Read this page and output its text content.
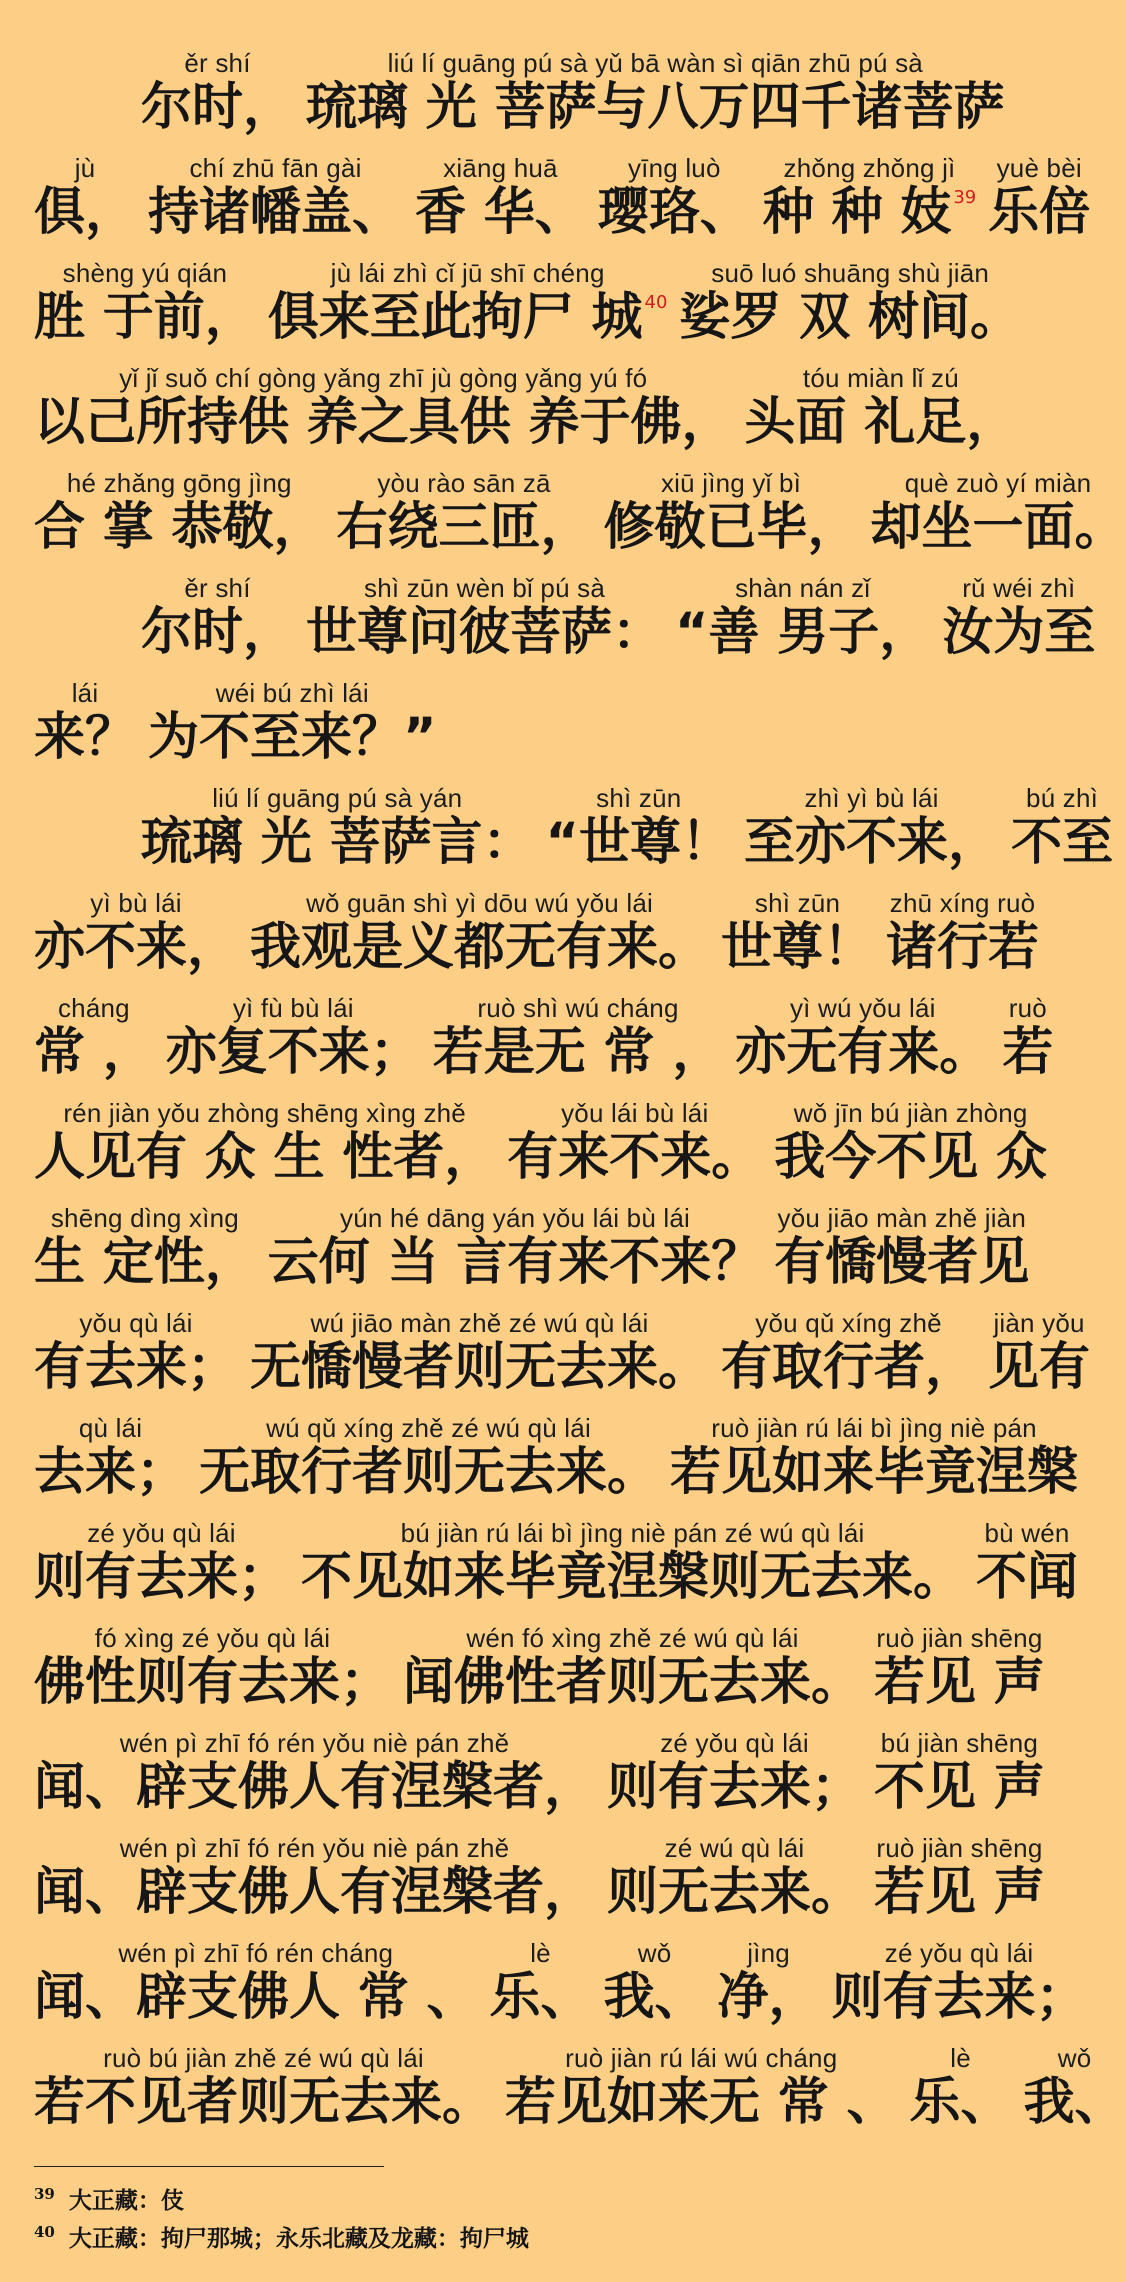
ěr shí
尔时，
liú lí guāng pú sà yǔ bā wàn sì qiān zhū pú sà
琉璃 光 菩萨与八万四千诸菩萨
jù
俱，
chí zhū fān gài
持诸幡盖、
xiāng huā
香 华、
yīng luò
璎珞、
zhǒng zhǒng jì
种 种 妓 $^{39}$
yuè bèi
乐倍
shèng yú qián
胜 于前，
jù lái zhì cǐ jū shī chéng
俱来至此拘尸 城 $^{40}$
suō luó shuāng shù jiān
娑罗 双 树间。
yǐ jǐ suǒ chí gòng yǎng zhī jù gòng yǎng yú fó
以己所持供 养之具供 养于佛，
tóu miàn lǐ zú
头面 礼足，
hé zhǎng gōng jìng
合 掌 恭敬，
yòu rào sān zā
右绕三匝，
xiū jìng yǐ bì
修敬已毕，
què zuò yí miàn
却坐一面。
ěr shí
尔时，
shì zūn wèn bǐ pú sà
世尊问彼菩萨：
shàn nán zǐ
“善 男子，
rǔ wéi zhì
汝为至
lái
来？
wéi bú zhì lái
为不至来？”
liú lí guāng pú sà yán
琉璃 光 菩萨言：
shì zūn
“世尊！
zhì yì bù lái
至亦不来，
bú zhì
不至
yì bù lái
亦不来，
wǒ guān shì yì dōu wú yǒu lái
我观是义都无有来。
shì zūn
世尊！
zhū xíng ruò
诸行若
cháng
常 ，
yì fù bù lái
亦复不来；
ruò shì wú cháng
若是无 常 ，
yì wú yǒu lái
亦无有来。
ruò
若
rén jiàn yǒu zhòng shēng xìng zhě
人见有 众 生 性者，
yǒu lái bù lái
有来不来。
wǒ jīn bú jiàn zhòng
我今不见 众
shēng dìng xìng
生 定性，
yún hé dāng yán yǒu lái bù lái
云何 当 言有来不来？
yǒu jiāo màn zhě jiàn
有憍慢者见
yǒu qù lái
有去来；
wú jiāo màn zhě zé wú qù lái
无憍慢者则无去来。
yǒu qǔ xíng zhě
有取行者，
jiàn yǒu
见有
qù lái
去来；
wú qǔ xíng zhě zé wú qù lái
无取行者则无去来。
ruò jiàn rú lái bì jìng niè pán
若见如来毕竟涅槃
zé yǒu qù lái
则有去来；
bú jiàn rú lái bì jìng niè pán zé wú qù lái
不见如来毕竟涅槃则无去来。
bù wén
不闻
fó xìng zé yǒu qù lái
佛性则有去来；
wén fó xìng zhě zé wú qù lái
闻佛性者则无去来。
ruò jiàn shēng
若见 声
wén pì zhī fó rén yǒu niè pán zhě
闻、辟支佛人有涅槃者，
zé yǒu qù lái
则有去来；
bú jiàn shēng
不见 声
wén pì zhī fó rén yǒu niè pán zhě
闻、辟支佛人有涅槃者，
zé wú qù lái
则无去来。
ruò jiàn shēng
若见 声
wén pì zhī fó rén cháng
闻、辟支佛人 常 、
lè
乐、
wǒ
我、
jìng
净，
zé yǒu qù lái
则有去来；
ruò bú jiàn zhě zé wú qù lái
若不见者则无去来。
ruò jiàn rú lái wú cháng
若见如来无 常 、
lè
乐、
wǒ
我、
39 大正藏：伎
40 大正藏：拘尸那城；永乐北藏及龙藏：拘尸城
